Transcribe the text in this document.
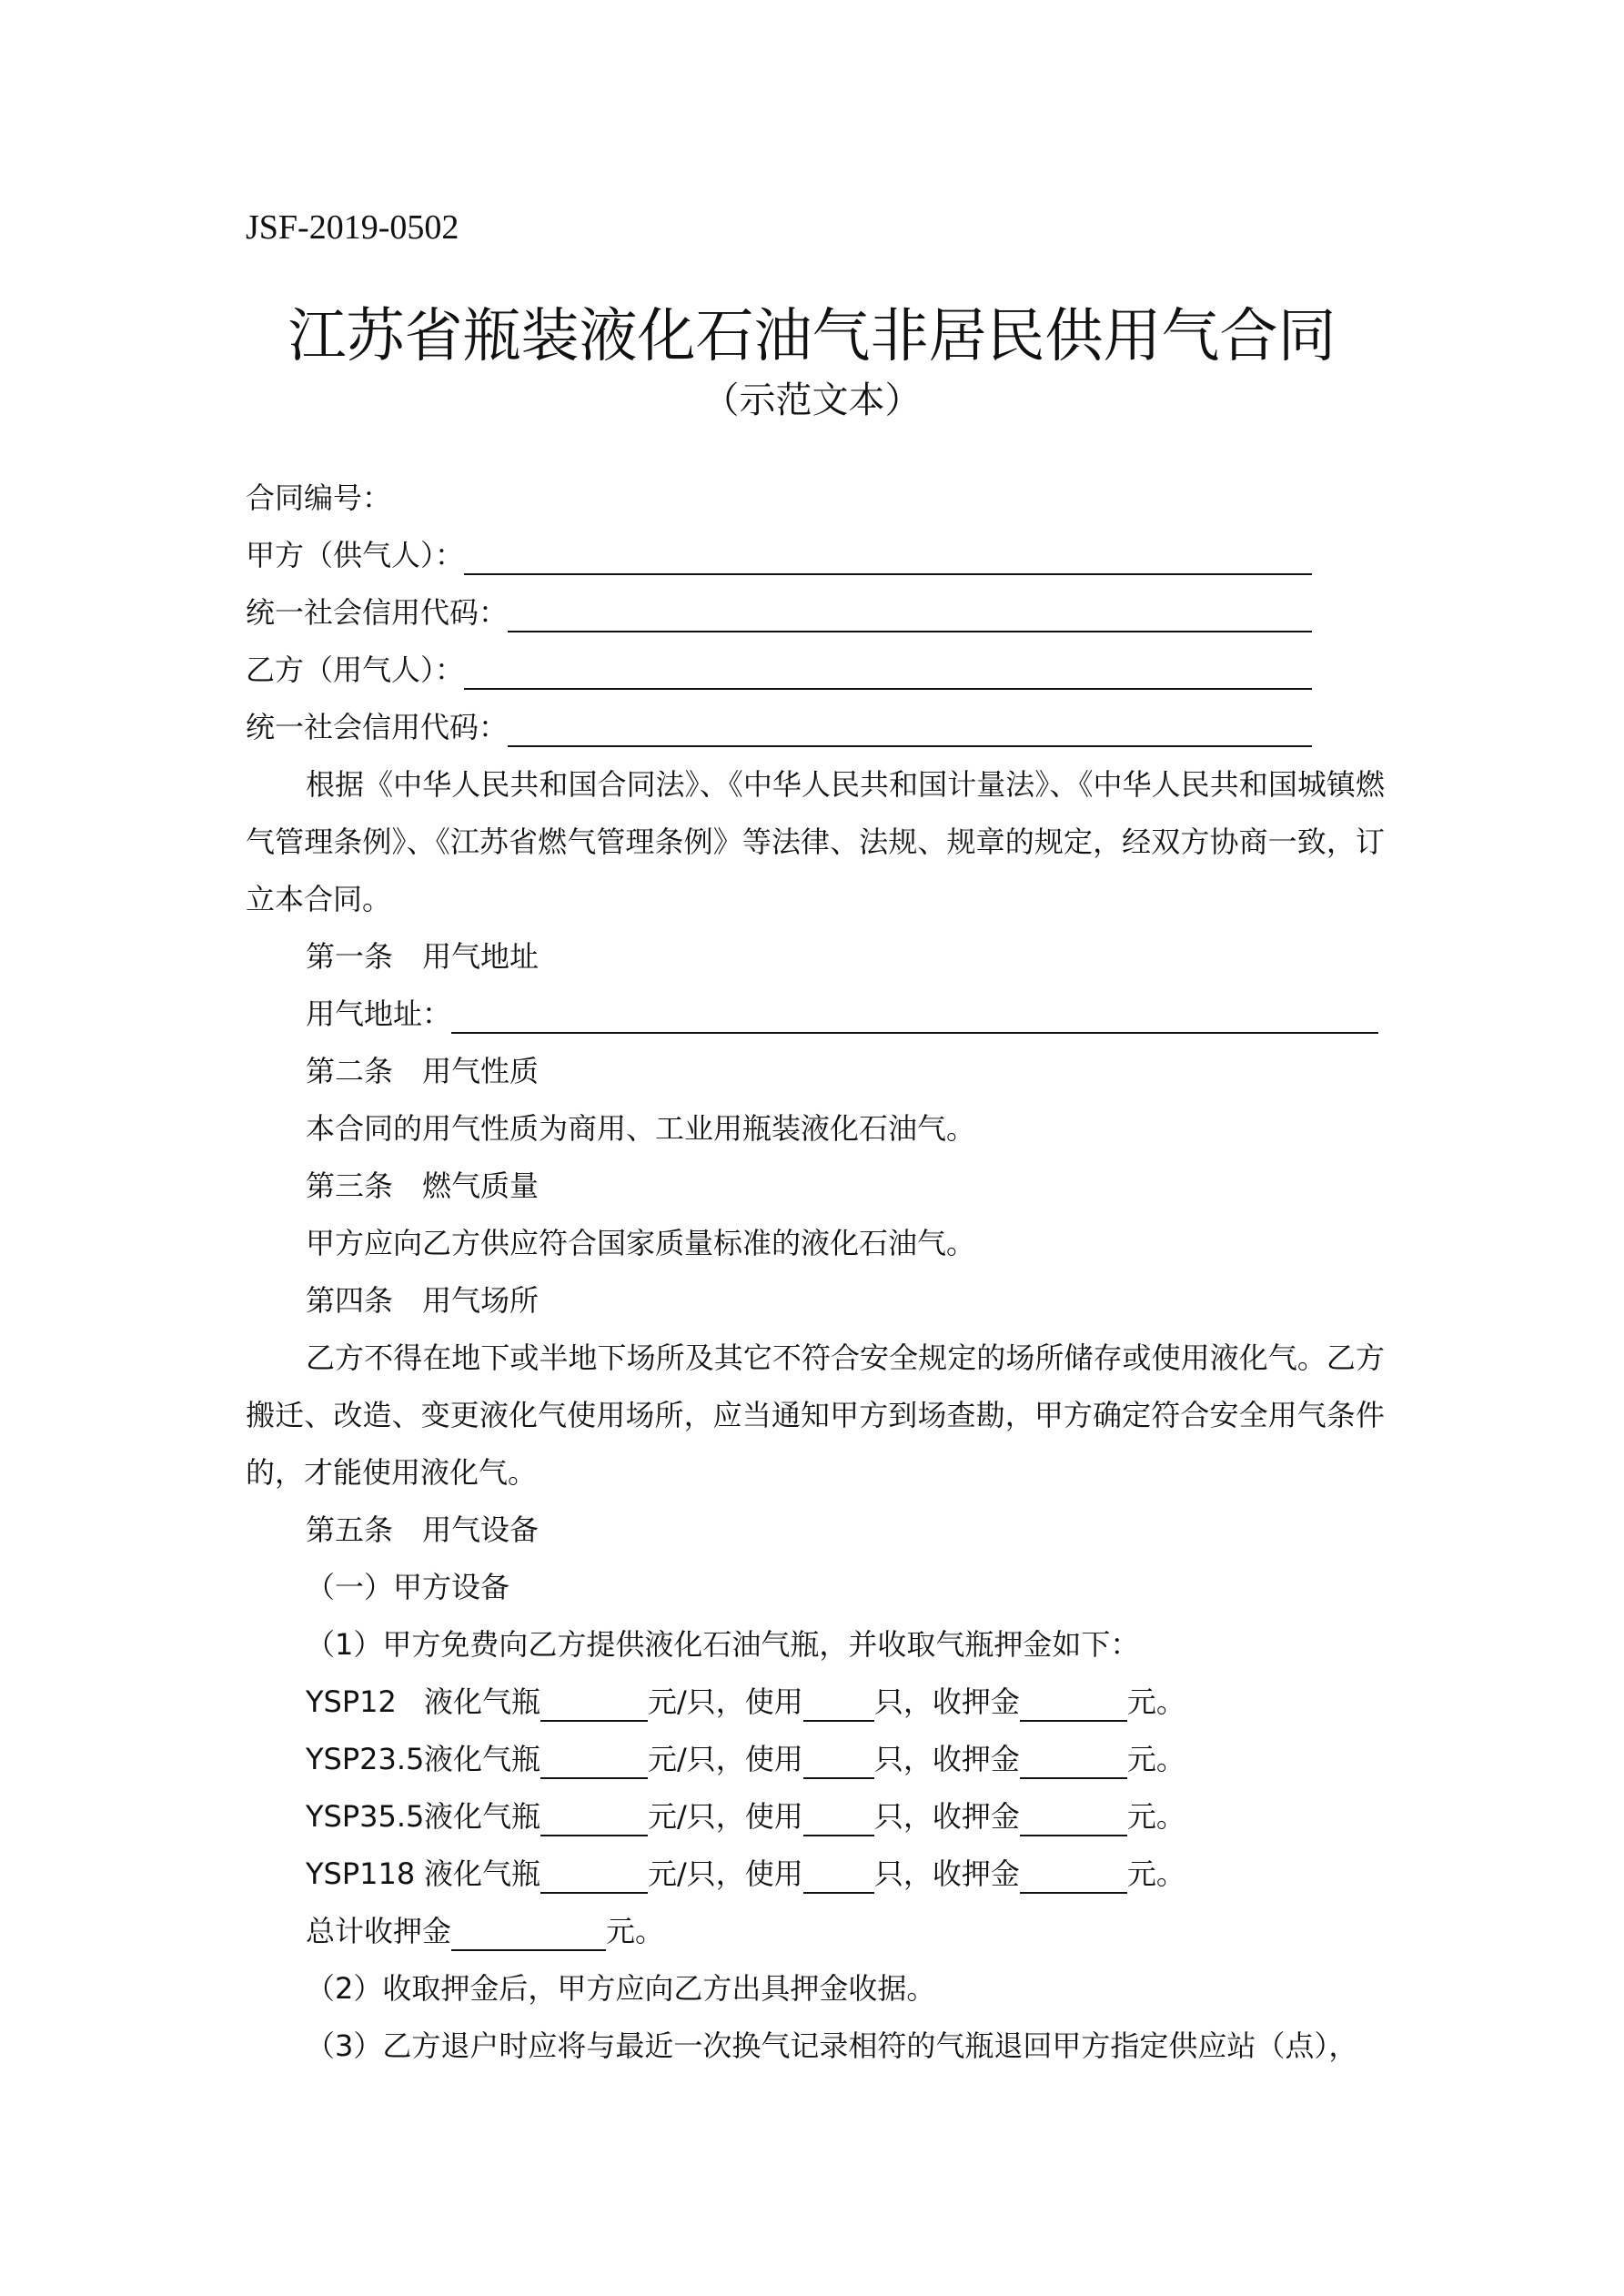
JSF-2019-0502
江苏省瓶装液化石油气非居民供用气合同
（示范文本）
合同编号：
甲方（供气人）：
统一社会信用代码：
乙方（用气人）：
统一社会信用代码：
根据《中华人民共和国合同法》、《中华人民共和国计量法》、《中华人民共和国城镇燃气管理条例》、《江苏省燃气管理条例》等法律、法规、规章的规定，经双方协商一致，订立本合同。
第一条　用气地址
用气地址：
第二条　用气性质
本合同的用气性质为商用、工业用瓶装液化石油气。
第三条　燃气质量
甲方应向乙方供应符合国家质量标准的液化石油气。
第四条　用气场所
乙方不得在地下或半地下场所及其它不符合安全规定的场所储存或使用液化气。乙方搬迁、改造、变更液化气使用场所，应当通知甲方到场查勘，甲方确定符合安全用气条件的，才能使用液化气。
第五条　用气设备
（一）甲方设备
（1）甲方免费向乙方提供液化石油气瓶，并收取气瓶押金如下：
YSP12 液化气瓶	元/只，使用 只，收押金	元。
YSP23.5 液化气瓶	元/只，使用 只，收押金	元。
YSP35.5 液化气瓶	元/只，使用 只，收押金	元。
YSP118 液化气瓶	元/只，使用 只，收押金	元。
总计收押金	元。
（2）收取押金后，甲方应向乙方出具押金收据。
（3）乙方退户时应将与最近一次换气记录相符的气瓶退回甲方指定供应站（点），
